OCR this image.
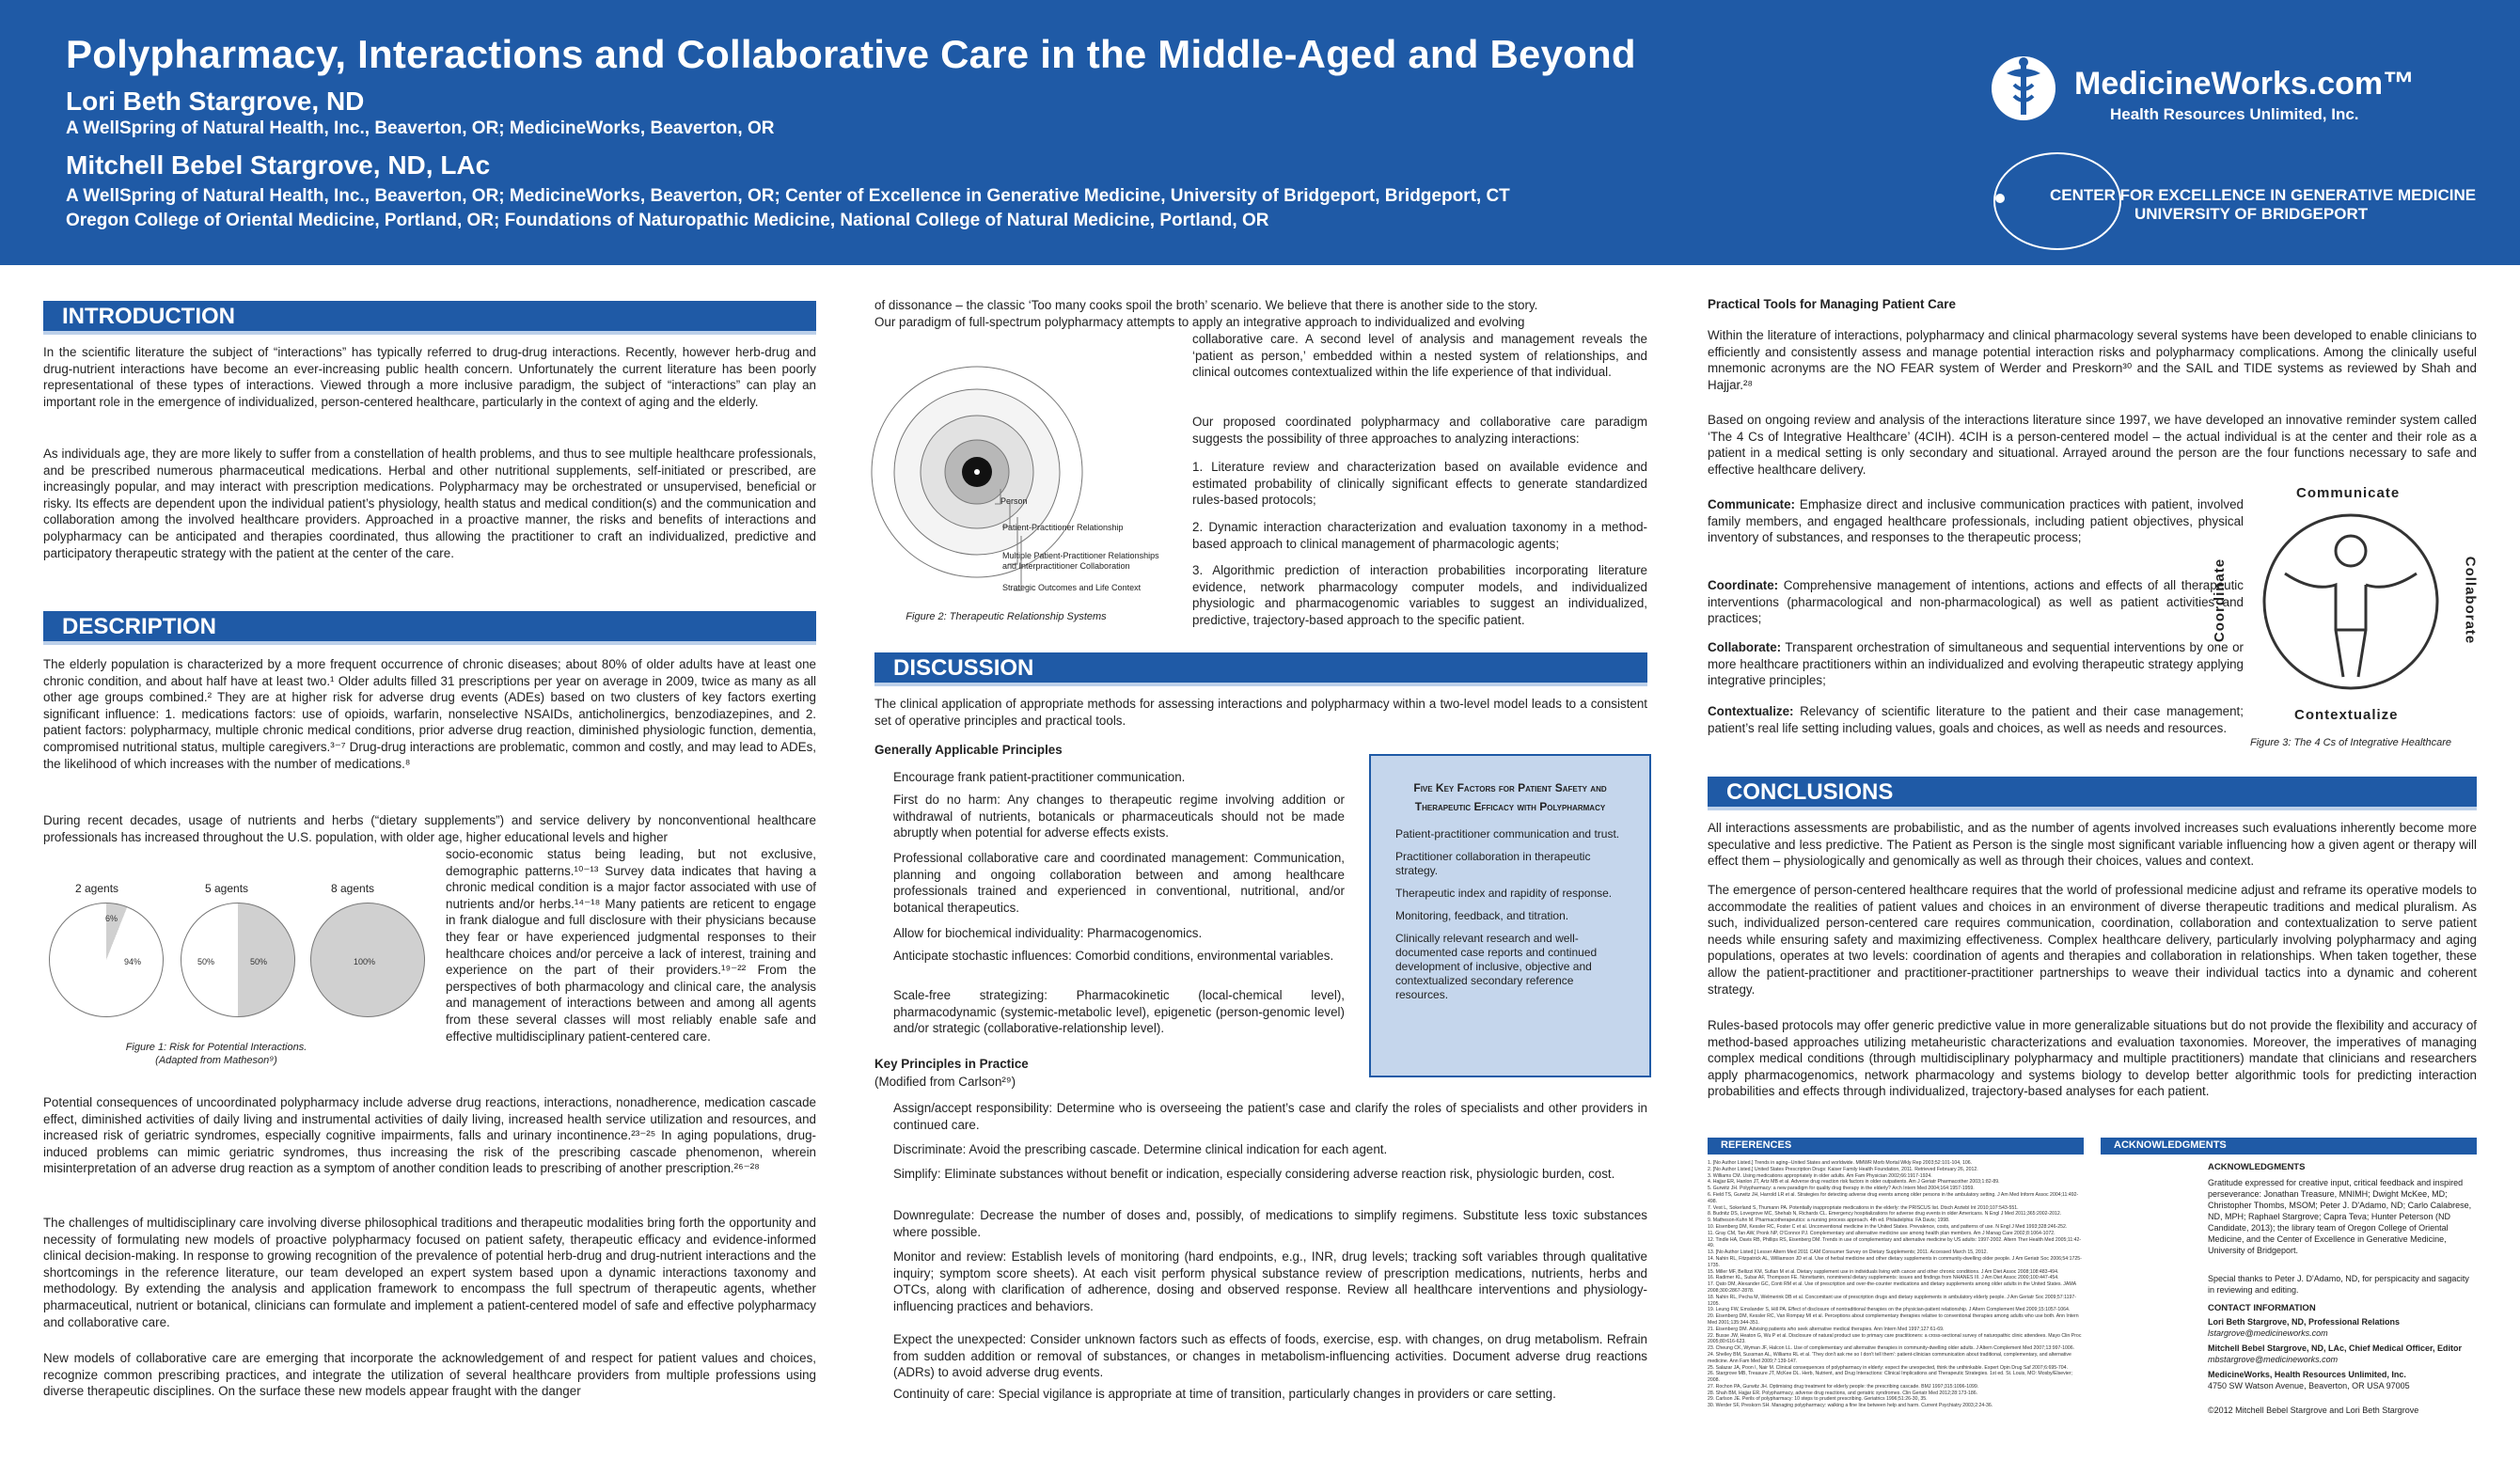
Polypharmacy, Interactions and Collaborative Care in the Middle-Aged and Beyond
Lori Beth Stargrove, ND
A WellSpring of Natural Health, Inc., Beaverton, OR; MedicineWorks, Beaverton, OR
Mitchell Bebel Stargrove, ND, LAc
A WellSpring of Natural Health, Inc., Beaverton, OR; MedicineWorks, Beaverton, OR; Center of Excellence in Generative Medicine, University of Bridgeport, Bridgeport, CT
Oregon College of Oriental Medicine, Portland, OR; Foundations of Naturopathic Medicine, National College of Natural Medicine, Portland, OR
MedicineWorks.com™
Health Resources Unlimited, Inc.
CENTER FOR EXCELLENCE IN GENERATIVE MEDICINE
UNIVERSITY OF BRIDGEPORT
INTRODUCTION
In the scientific literature the subject of “interactions” has typically referred to drug-drug interactions. Recently, however herb-drug and drug-nutrient interactions have become an ever-increasing public health concern. Unfortunately the current literature has been poorly representational of these types of interactions. Viewed through a more inclusive paradigm, the subject of “interactions” can play an important role in the emergence of individualized, person-centered healthcare, particularly in the context of aging and the elderly.
As individuals age, they are more likely to suffer from a constellation of health problems, and thus to see multiple healthcare professionals, and be prescribed numerous pharmaceutical medications. Herbal and other nutritional supplements, self-initiated or prescribed, are increasingly popular, and may interact with prescription medications. Polypharmacy may be orchestrated or unsupervised, beneficial or risky. Its effects are dependent upon the individual patient’s physiology, health status and medical condition(s) and the communication and collaboration among the involved healthcare providers. Approached in a proactive manner, the risks and benefits of interactions and polypharmacy can be anticipated and therapies coordinated, thus allowing the practitioner to craft an individualized, predictive and participatory therapeutic strategy with the patient at the center of the care.
DESCRIPTION
The elderly population is characterized by a more frequent occurrence of chronic diseases; about 80% of older adults have at least one chronic condition, and about half have at least two.¹ Older adults filled 31 prescriptions per year on average in 2009, twice as many as all other age groups combined.² They are at higher risk for adverse drug events (ADEs) based on two clusters of key factors exerting significant influence: 1. medications factors: use of opioids, warfarin, nonselective NSAIDs, anticholinergics, benzodiazepines, and 2. patient factors: polypharmacy, multiple chronic medical conditions, prior adverse drug reaction, diminished physiologic function, dementia, compromised nutritional status, multiple caregivers.³⁻⁷ Drug-drug interactions are problematic, common and costly, and may lead to ADEs, the likelihood of which increases with the number of medications.⁸
During recent decades, usage of nutrients and herbs (“dietary supplements”) and service delivery by nonconventional healthcare professionals has increased throughout the U.S. population, with older age, higher educational levels and higher
socio-economic status being leading, but not exclusive, demographic patterns.¹⁰⁻¹³ Survey data indicates that having a chronic medical condition is a major factor associated with use of nutrients and/or herbs.¹⁴⁻¹⁸ Many patients are reticent to engage in frank dialogue and full disclosure with their physicians because they fear or have experienced judgmental responses to their healthcare choices and/or perceive a lack of interest, training and experience on the part of their providers.¹⁹⁻²² From the perspectives of both pharmacology and clinical care, the analysis and management of interactions between and among all agents from these several classes will most reliably enable safe and effective multidisciplinary patient-centered care.
2 agents	5 agents	8 agents
6%
94%	50%	50%	100%
Figure 1: Risk for Potential Interactions.
(Adapted from Matheson⁹)
Potential consequences of uncoordinated polypharmacy include adverse drug reactions, interactions, nonadherence, medication cascade effect, diminished activities of daily living and instrumental activities of daily living, increased health service utilization and resources, and increased risk of geriatric syndromes, especially cognitive impairments, falls and urinary incontinence.²³⁻²⁵ In aging populations, drug-induced problems can mimic geriatric syndromes, thus increasing the risk of the prescribing cascade phenomenon, wherein misinterpretation of an adverse drug reaction as a symptom of another condition leads to prescribing of another prescription.²⁶⁻²⁸
The challenges of multidisciplinary care involving diverse philosophical traditions and therapeutic modalities bring forth the opportunity and necessity of formulating new models of proactive polypharmacy focused on patient safety, therapeutic efficacy and evidence-informed clinical decision-making. In response to growing recognition of the prevalence of potential herb-drug and drug-nutrient interactions and the shortcomings in the reference literature, our team developed an expert system based upon a dynamic interactions taxonomy and methodology. By extending the analysis and application framework to encompass the full spectrum of therapeutic agents, whether pharmaceutical, nutrient or botanical, clinicians can formulate and implement a patient-centered model of safe and effective polypharmacy and collaborative care.
New models of collaborative care are emerging that incorporate the acknowledgement of and respect for patient values and choices, recognize common prescribing practices, and integrate the utilization of several healthcare providers from multiple professions using diverse therapeutic disciplines. On the surface these new models appear fraught with the danger
of dissonance – the classic ‘Too many cooks spoil the broth’ scenario. We believe that there is another side to the story.
Our paradigm of full-spectrum polypharmacy attempts to apply an integrative approach to individualized and evolving
Person
Patient-Practitioner Relationship
Multiple Patient-Practitioner Relationships
and Interpractitioner Collaboration
Strategic Outcomes and Life Context
Figure 2: Therapeutic Relationship Systems
collaborative care. A second level of analysis and management reveals the ‘patient as person,’ embedded within a nested system of relationships, and clinical outcomes contextualized within the life experience of that individual.
Our proposed coordinated polypharmacy and collaborative care paradigm suggests the possibility of three approaches to analyzing interactions:
1. Literature review and characterization based on available evidence and estimated probability of clinically significant effects to generate standardized rules-based protocols;
2. Dynamic interaction characterization and evaluation taxonomy in a method-based approach to clinical management of pharmacologic agents;
3. Algorithmic prediction of interaction probabilities incorporating literature evidence, network pharmacology computer models, and individualized physiologic and pharmacogenomic variables to suggest an individualized, predictive, trajectory-based approach to the specific patient.
DISCUSSION
The clinical application of appropriate methods for assessing interactions and polypharmacy within a two-level model leads to a consistent set of operative principles and practical tools.
Generally Applicable Principles
Encourage frank patient-practitioner communication.
First do no harm: Any changes to therapeutic regime involving addition or withdrawal of nutrients, botanicals or pharmaceuticals should not be made abruptly when potential for adverse effects exists.
Professional collaborative care and coordinated management: Communication, planning and ongoing collaboration between and among healthcare professionals trained and experienced in conventional, nutritional, and/or botanical therapeutics.
Allow for biochemical individuality: Pharmacogenomics.
Anticipate stochastic influences: Comorbid conditions, environmental variables.
Scale-free strategizing: Pharmacokinetic (local-chemical level), pharmacodynamic (systemic-metabolic level), epigenetic (person-genomic level) and/or strategic (collaborative-relationship level).
Five Key Factors for Patient Safety and Therapeutic Efficacy with Polypharmacy
Patient-practitioner communication and trust.
Practitioner collaboration in therapeutic strategy.
Therapeutic index and rapidity of response.
Monitoring, feedback, and titration.
Clinically relevant research and well-documented case reports and continued development of inclusive, objective and contextualized secondary reference resources.
Key Principles in Practice
(Modified from Carlson²⁹)
Assign/accept responsibility: Determine who is overseeing the patient’s case and clarify the roles of specialists and other providers in continued care.
Discriminate: Avoid the prescribing cascade. Determine clinical indication for each agent.
Simplify: Eliminate substances without benefit or indication, especially considering adverse reaction risk, physiologic burden, cost.
Downregulate: Decrease the number of doses and, possibly, of medications to simplify regimens. Substitute less toxic substances where possible.
Monitor and review: Establish levels of monitoring (hard endpoints, e.g., INR, drug levels; tracking soft variables through qualitative inquiry; symptom score sheets). At each visit perform physical substance review of prescription medications, nutrients, herbs and OTCs, along with clarification of adherence, dosing and observed response. Review all healthcare interventions and physiology-influencing practices and behaviors.
Expect the unexpected: Consider unknown factors such as effects of foods, exercise, esp. with changes, on drug metabolism. Refrain from sudden addition or removal of substances, or changes in metabolism-influencing activities. Document adverse drug reactions (ADRs) to avoid adverse drug events.
Continuity of care: Special vigilance is appropriate at time of transition, particularly changes in providers or care setting.
Practical Tools for Managing Patient Care
Within the literature of interactions, polypharmacy and clinical pharmacology several systems have been developed to enable clinicians to efficiently and consistently assess and manage potential interaction risks and polypharmacy complications. Among the clinically useful mnemonic acronyms are the NO FEAR system of Werder and Preskorn³⁰ and the SAIL and TIDE systems as reviewed by Shah and Hajjar.²⁸
Based on ongoing review and analysis of the interactions literature since 1997, we have developed an innovative reminder system called ‘The 4 Cs of Integrative Healthcare’ (4CIH). 4CIH is a person-centered model – the actual individual is at the center and their role as a patient in a medical setting is only secondary and situational. Arrayed around the person are the four functions necessary to safe and effective healthcare delivery.
Communicate: Emphasize direct and inclusive communication practices with patient, involved family members, and engaged healthcare professionals, including patient objectives, physical inventory of substances, and responses to the therapeutic process;
Coordinate: Comprehensive management of intentions, actions and effects of all therapeutic interventions (pharmacological and non-pharmacological) as well as patient activities and practices;
Collaborate: Transparent orchestration of simultaneous and sequential interventions by one or more healthcare practitioners within an individualized and evolving therapeutic strategy applying integrative principles;
Contextualize: Relevancy of scientific literature to the patient and their case management; patient’s real life setting including values, goals and choices, as well as needs and resources.
Communicate
Coordinate	Collaborate
Contextualize
Figure 3: The 4 Cs of Integrative Healthcare
CONCLUSIONS
All interactions assessments are probabilistic, and as the number of agents involved increases such evaluations inherently become more speculative and less predictive. The Patient as Person is the single most significant variable influencing how a given agent or therapy will effect them – physiologically and genomically as well as through their choices, values and context.
The emergence of person-centered healthcare requires that the world of professional medicine adjust and reframe its operative models to accommodate the realities of patient values and choices in an environment of diverse therapeutic traditions and medical pluralism. As such, individualized person-centered care requires communication, coordination, collaboration and contextualization to serve patient needs while ensuring safety and maximizing effectiveness. Complex healthcare delivery, particularly involving polypharmacy and aging populations, operates at two levels: coordination of agents and therapies and collaboration in relationships. When taken together, these allow the patient-practitioner and practitioner-practitioner partnerships to weave their individual tactics into a dynamic and coherent strategy.
Rules-based protocols may offer generic predictive value in more generalizable situations but do not provide the flexibility and accuracy of method-based approaches utilizing metaheuristic characterizations and evaluation taxonomies. Moreover, the imperatives of managing complex medical conditions (through multidisciplinary polypharmacy and multiple practitioners) mandate that clinicians and researchers apply pharmacogenomics, network pharmacology and systems biology to develop better algorithmic tools for predicting interaction probabilities and effects through individualized, trajectory-based analyses for each patient.
REFERENCES
1. [No Author Listed.] Trends in aging--United States and worldwide. MMWR Morb Mortal Wkly Rep 2003;52:101-104, 106.
2. [No Author Listed.] United States Prescription Drugs: Kaiser Family Health Foundation, 2011. Retrieved February 26, 2012.
3. Williams CM. Using medications appropriately in older adults. Am Fam Physician 2002;66:1917-1924.
4. Hajjar ER, Hanlon JT, Artz MB et al. Adverse drug reaction risk factors in older outpatients. Am J Geriatr Pharmacother 2003;1:82-89.
5. Gurwitz JH. Polypharmacy: a new paradigm for quality drug therapy in the elderly? Arch Intern Med 2004;164:1957-1959.
6. Field TS, Gurwitz JH, Harrold LR et al. Strategies for detecting adverse drug events among older persons in the ambulatory setting. J Am Med Inform Assoc 2004;11:492-498.
7. Vest L, Sokerland S, Thumann PA. Potentially inappropriate medications in the elderly: the PRISCUS list. Dtsch Arztebl Int 2010;107:543-551.
8. Budnitz DS, Lovegrove MC, Shehab N, Richards CL. Emergency hospitalizations for adverse drug events in older Americans. N Engl J Med 2011;365:2002-2012.
9. Matheson-Kuhn M. Pharmacotherapeutics: a nursing process approach. 4th ed. Philadelphia: FA Davis; 1998.
10. Eisenberg DM, Kessler RC, Foster C et al. Unconventional medicine in the United States. Prevalence, costs, and patterns of use. N Engl J Med 1993;328:246-252.
11. Gray CM, Tan AW, Pronk NP, O'Connor PJ. Complementary and alternative medicine use among health plan members. Am J Manag Care 2002;8:1064-1072.
12. Tindle HA, Davis RB, Phillips RS, Eisenberg DM. Trends in use of complementary and alternative medicine by US adults: 1997-2002. Altern Ther Health Med 2005;11:42-49.
13. [No Author Listed.] Lesser Altern Med 2011 CAM Consumer Survey on Dietary Supplements; 2011. Accessed March 15, 2012.
14. Nahin RL, Fitzpatrick AL, Williamson JD et al. Use of herbal medicine and other dietary supplements in community-dwelling older people. J Am Geriatr Soc 2006;54:1725-1735.
15. Miller MF, Bellizzi KM, Sufian M et al. Dietary supplement use in individuals living with cancer and other chronic conditions. J Am Diet Assoc 2008;108:483-494.
16. Radimer KL, Subar AF, Thompson FE. Nonvitamin, nonmineral dietary supplements: issues and findings from NHANES III. J Am Diet Assoc 2000;100:447-454.
17. Qato DM, Alexander GC, Conti RM et al. Use of prescription and over-the-counter medications and dietary supplements among older adults in the United States. JAMA 2008;300:2867-2878.
18. Nahin RL, Pecha M, Welmerink DB et al. Concomitant use of prescription drugs and dietary supplements in ambulatory elderly people. J Am Geriatr Soc 2009;57:1197-1205.
19. Leung FW, Emslander S, Hill PA. Effect of disclosure of nontraditional therapies on the physician-patient relationship. J Altern Complement Med 2009;15:1057-1064.
20. Eisenberg DM, Kessler RC, Van Rompay MI et al. Perceptions about complementary therapies relative to conventional therapies among adults who use both. Ann Intern Med 2001;135:344-351.
21. Eisenberg DM. Advising patients who seek alternative medical therapies. Ann Intern Med 1997;127:61-69.
22. Busse JW, Heaton G, Wu P et al. Disclosure of natural product use to primary care practitioners: a cross-sectional survey of naturopathic clinic attendees. Mayo Clin Proc 2005;80:616-623.
23. Cheung CK, Wyman JF, Halcon LL. Use of complementary and alternative therapies in community-dwelling older adults. J Altern Complement Med 2007;13:997-1006.
24. Shelley BM, Sussman AL, Williams RL et al. 'They don't ask me so I don't tell them': patient-clinician communication about traditional, complementary, and alternative medicine. Ann Fam Med 2009;7:139-147.
25. Salazar JA, Poon I, Nair M. Clinical consequences of polypharmacy in elderly: expect the unexpected, think the unthinkable. Expert Opin Drug Saf 2007;6:695-704.
26. Stargrove MB, Treasure JT, McKee DL. Herb, Nutrient, and Drug Interactions: Clinical Implications and Therapeutic Strategies. 1st ed. St. Louis, MO: Mosby/Elsevier; 2008.
27. Rochon PA, Gurwitz JH. Optimising drug treatment for elderly people: the prescribing cascade. BMJ 1997;315:1096-1099.
28. Shah BM, Hajjar ER. Polypharmacy, adverse drug reactions, and geriatric syndromes. Clin Geriatr Med 2012;28:173-186.
29. Carlson JE. Perils of polypharmacy: 10 steps to prudent prescribing. Geriatrics 1996;51:26-30, 35.
30. Werder SF, Preskorn SH. Managing polypharmacy: walking a fine line between help and harm. Current Psychiatry 2003;2:24-36.
ACKNOWLEDGMENTS
ACKNOWLEDGMENTS
Gratitude expressed for creative input, critical feedback and inspired perseverance: Jonathan Treasure, MNIMH; Dwight McKee, MD; Christopher Thombs, MSOM; Peter J. D'Adamo, ND; Carlo Calabrese, ND, MPH; Raphael Stargrove; Capra Teva; Hunter Peterson (ND Candidate, 2013); the library team of Oregon College of Oriental Medicine, and the Center of Excellence in Generative Medicine, University of Bridgeport.
Special thanks to Peter J. D'Adamo, ND, for perspicacity and sagacity in reviewing and editing.
CONTACT INFORMATION
Lori Beth Stargrove, ND, Professional Relations
lstargrove@medicineworks.com
Mitchell Bebel Stargrove, ND, LAc, Chief Medical Officer, Editor
mbstargrove@medicineworks.com
MedicineWorks, Health Resources Unlimited, Inc.
4750 SW Watson Avenue, Beaverton, OR USA 97005
©2012 Mitchell Bebel Stargrove and Lori Beth Stargrove
